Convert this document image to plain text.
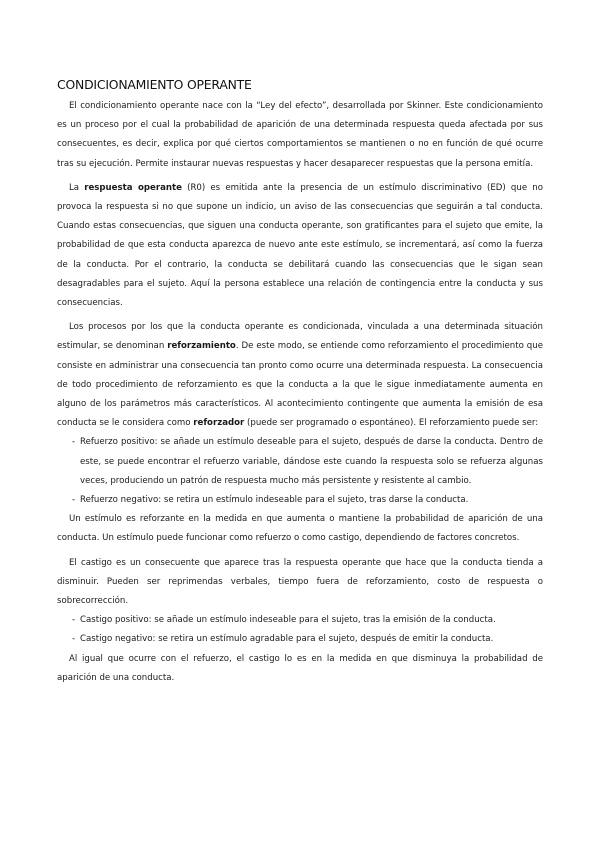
CONDICIONAMIENTO OPERANTE

El condicionamiento operante nace con la “Ley del efecto”, desarrollada por Skinner. Este condicionamiento es un proceso por el cual la probabilidad de aparición de una determinada respuesta queda afectada por sus consecuentes, es decir, explica por qué ciertos comportamientos se mantienen o no en función de qué ocurre tras su ejecución. Permite instaurar nuevas respuestas y hacer desaparecer respuestas que la persona emitía.

La respuesta operante (R0) es emitida ante la presencia de un estímulo discriminativo (ED) que no provoca la respuesta si no que supone un indicio, un aviso de las consecuencias que seguirán a tal conducta. Cuando estas consecuencias, que siguen una conducta operante, son gratificantes para el sujeto que emite, la probabilidad de que esta conducta aparezca de nuevo ante este estímulo, se incrementará, así como la fuerza de la conducta. Por el contrario, la conducta se debilitará cuando las consecuencias que le sigan sean desagradables para el sujeto. Aquí la persona establece una relación de contingencia entre la conducta y sus consecuencias.

Los procesos por los que la conducta operante es condicionada, vinculada a una determinada situación estimular, se denominan reforzamiento. De este modo, se entiende como reforzamiento el procedimiento que consiste en administrar una consecuencia tan pronto como ocurre una determinada respuesta. La consecuencia de todo procedimiento de reforzamiento es que la conducta a la que le sigue inmediatamente aumenta en alguno de los parámetros más característicos. Al acontecimiento contingente que aumenta la emisión de esa conducta se le considera como reforzador (puede ser programado o espontáneo). El reforzamiento puede ser:

- Refuerzo positivo: se añade un estímulo deseable para el sujeto, después de darse la conducta. Dentro de este, se puede encontrar el refuerzo variable, dándose este cuando la respuesta solo se refuerza algunas veces, produciendo un patrón de respuesta mucho más persistente y resistente al cambio.
- Refuerzo negativo: se retira un estímulo indeseable para el sujeto, tras darse la conducta.

Un estímulo es reforzante en la medida en que aumenta o mantiene la probabilidad de aparición de una conducta. Un estímulo puede funcionar como refuerzo o como castigo, dependiendo de factores concretos.

El castigo es un consecuente que aparece tras la respuesta operante que hace que la conducta tienda a disminuir. Pueden ser reprimendas verbales, tiempo fuera de reforzamiento, costo de respuesta o sobrecorrección.

- Castigo positivo: se añade un estímulo indeseable para el sujeto, tras la emisión de la conducta.
- Castigo negativo: se retira un estímulo agradable para el sujeto, después de emitir la conducta.

Al igual que ocurre con el refuerzo, el castigo lo es en la medida en que disminuya la probabilidad de aparición de una conducta.
